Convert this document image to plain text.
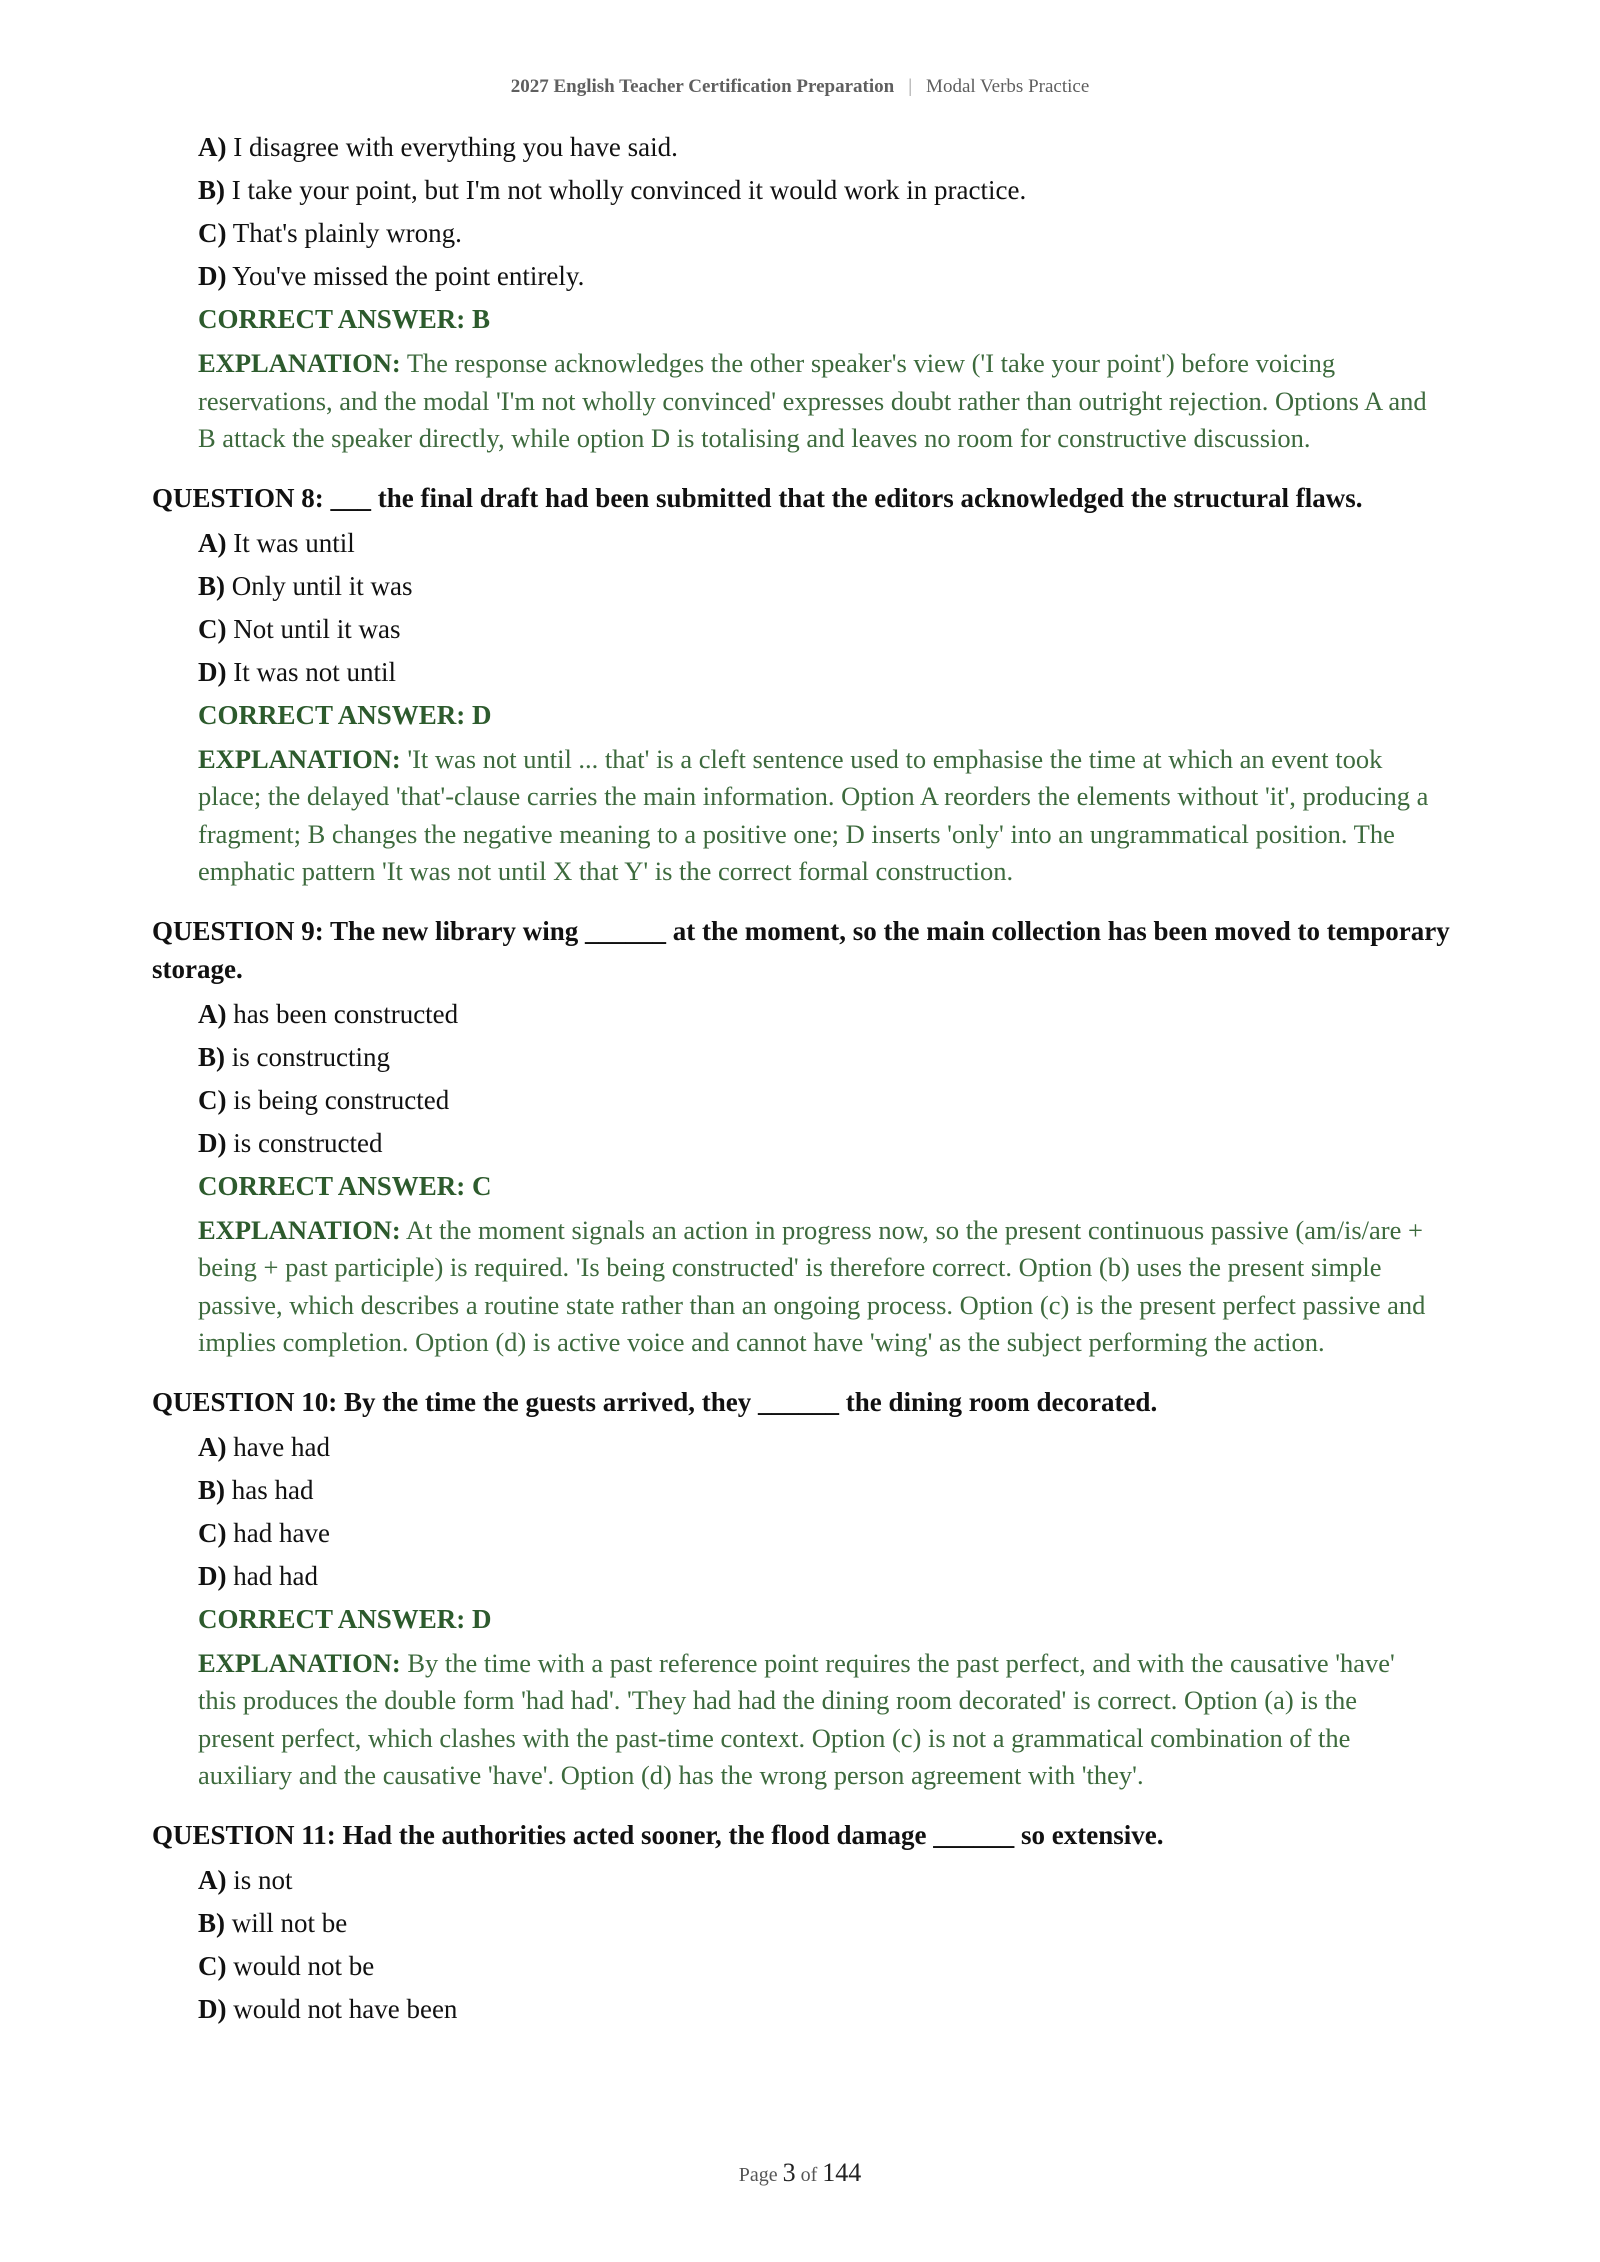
2027 English Teacher Certification Preparation | Modal Verbs Practice
A) I disagree with everything you have said.
B) I take your point, but I'm not wholly convinced it would work in practice.
C) That's plainly wrong.
D) You've missed the point entirely.
CORRECT ANSWER: B
EXPLANATION: The response acknowledges the other speaker's view ('I take your point') before voicing reservations, and the modal 'I'm not wholly convinced' expresses doubt rather than outright rejection. Options A and B attack the speaker directly, while option D is totalising and leaves no room for constructive discussion.
QUESTION 8: ___ the final draft had been submitted that the editors acknowledged the structural flaws.
A) It was until
B) Only until it was
C) Not until it was
D) It was not until
CORRECT ANSWER: D
EXPLANATION: 'It was not until ... that' is a cleft sentence used to emphasise the time at which an event took place; the delayed 'that'-clause carries the main information. Option A reorders the elements without 'it', producing a fragment; B changes the negative meaning to a positive one; D inserts 'only' into an ungrammatical position. The emphatic pattern 'It was not until X that Y' is the correct formal construction.
QUESTION 9: The new library wing ______ at the moment, so the main collection has been moved to temporary storage.
A) has been constructed
B) is constructing
C) is being constructed
D) is constructed
CORRECT ANSWER: C
EXPLANATION: At the moment signals an action in progress now, so the present continuous passive (am/is/are + being + past participle) is required. 'Is being constructed' is therefore correct. Option (b) uses the present simple passive, which describes a routine state rather than an ongoing process. Option (c) is the present perfect passive and implies completion. Option (d) is active voice and cannot have 'wing' as the subject performing the action.
QUESTION 10: By the time the guests arrived, they ______ the dining room decorated.
A) have had
B) has had
C) had have
D) had had
CORRECT ANSWER: D
EXPLANATION: By the time with a past reference point requires the past perfect, and with the causative 'have' this produces the double form 'had had'. 'They had had the dining room decorated' is correct. Option (a) is the present perfect, which clashes with the past-time context. Option (c) is not a grammatical combination of the auxiliary and the causative 'have'. Option (d) has the wrong person agreement with 'they'.
QUESTION 11: Had the authorities acted sooner, the flood damage ______ so extensive.
A) is not
B) will not be
C) would not be
D) would not have been
Page 3 of 144
